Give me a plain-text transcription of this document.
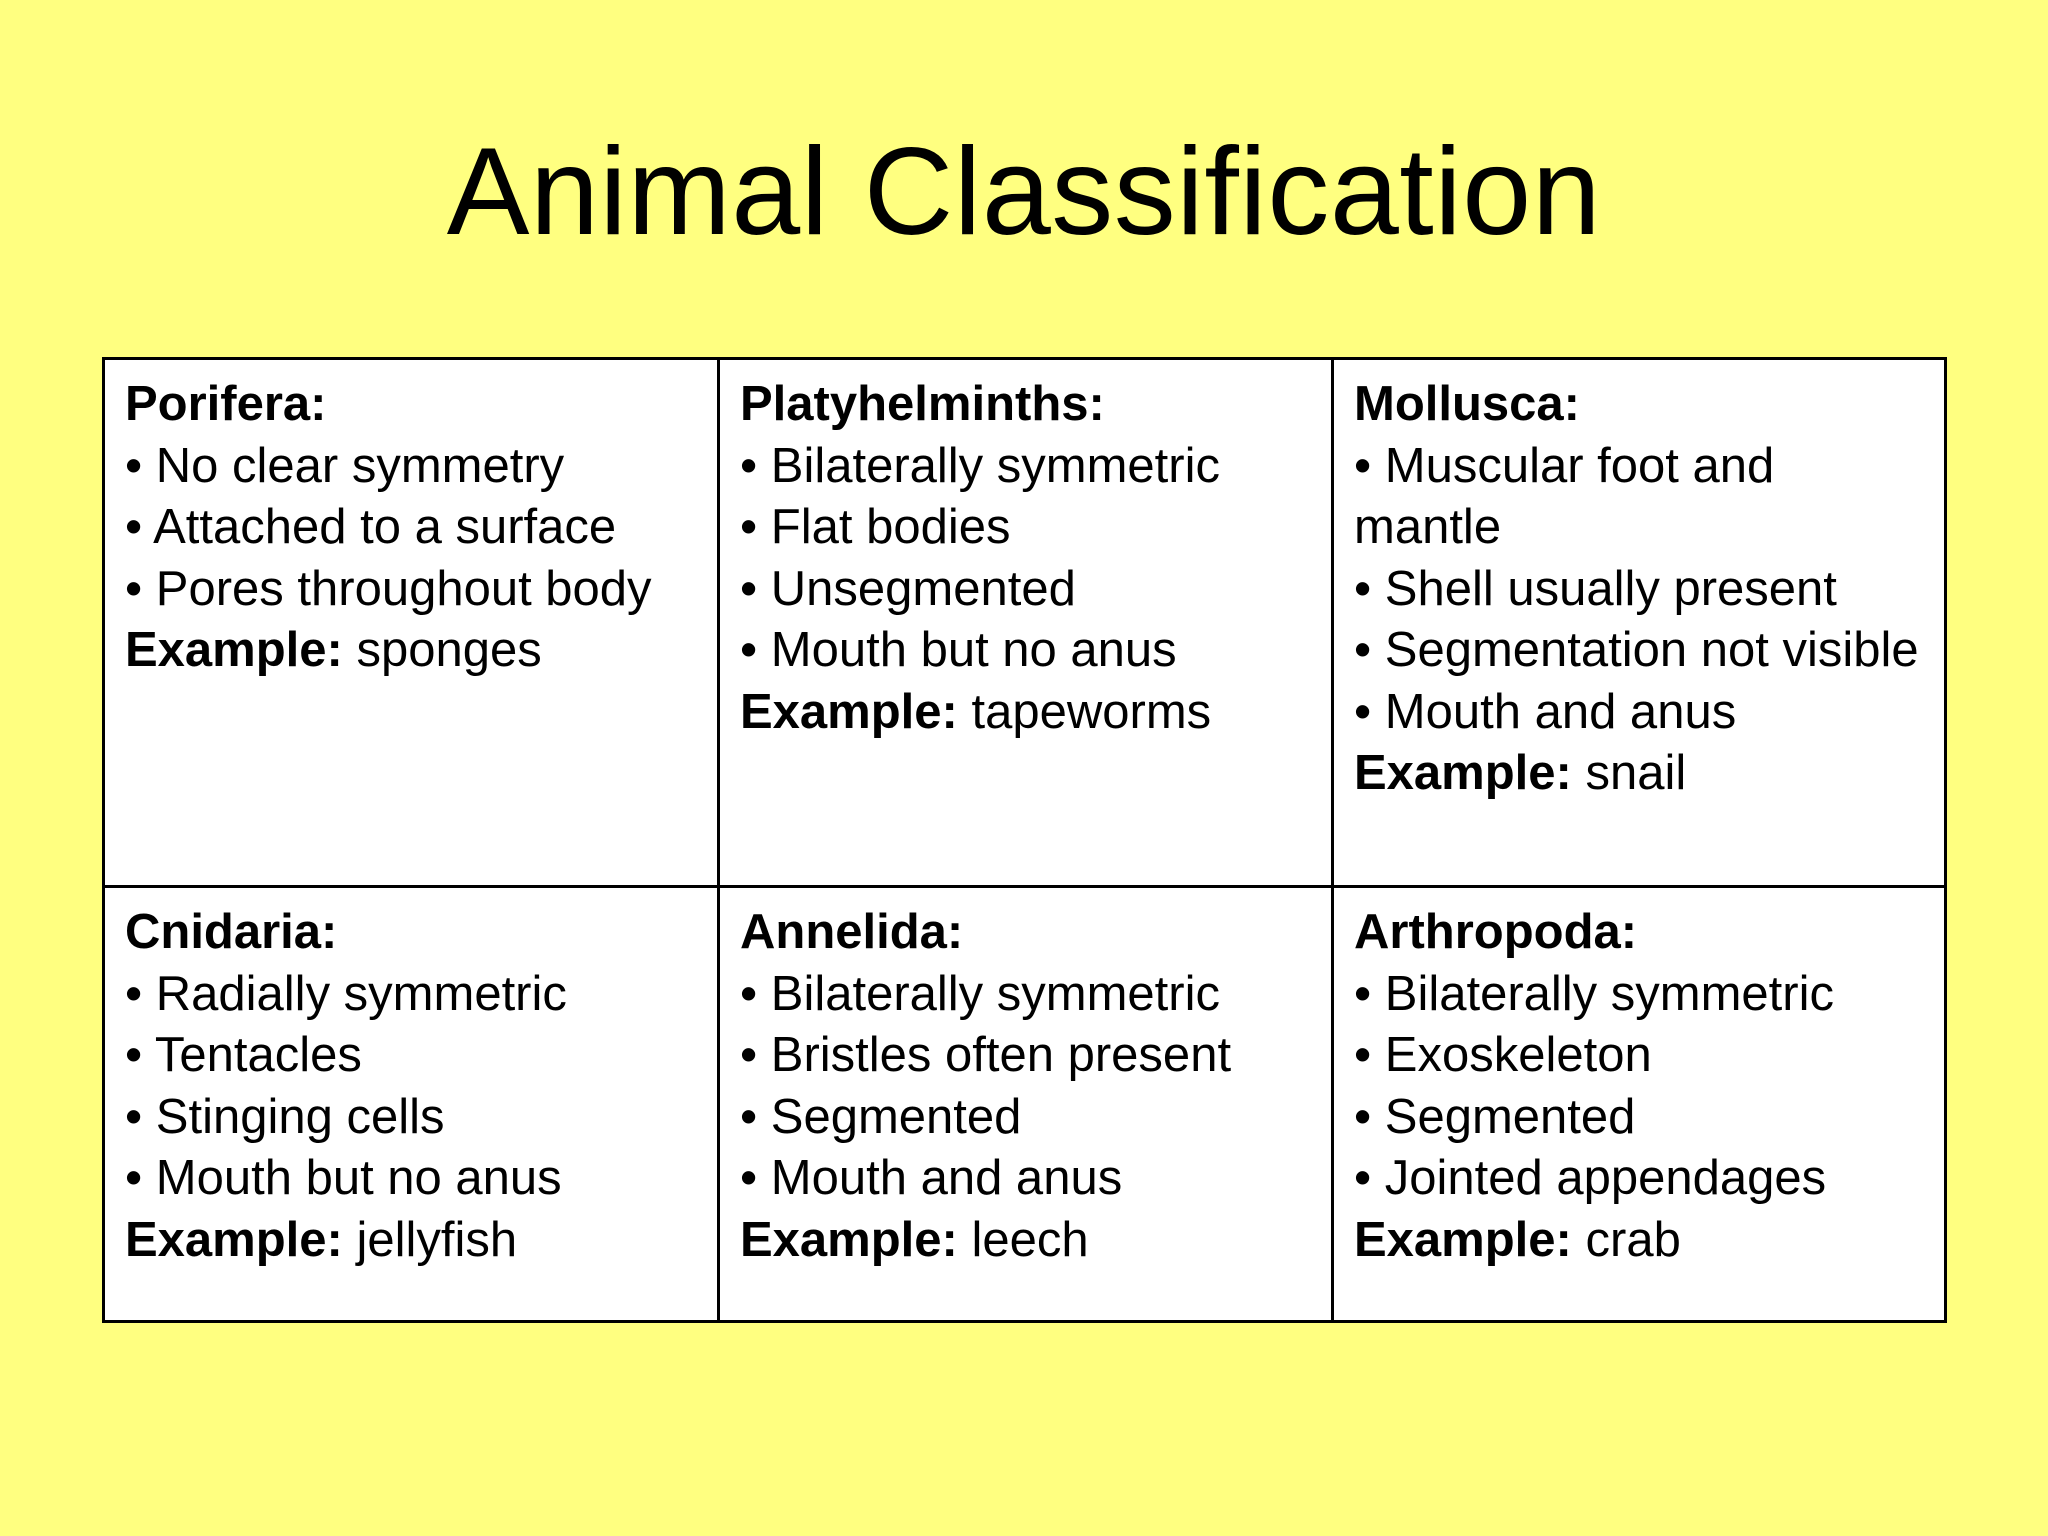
Animal Classification
Porifera:
• No clear symmetry
• Attached to a surface
• Pores throughout body
Example: sponges
Platyhelminths:
• Bilaterally symmetric
• Flat bodies
• Unsegmented
• Mouth but no anus
Example: tapeworms
Mollusca:
• Muscular foot and mantle
• Shell usually present
• Segmentation not visible
• Mouth and anus
Example: snail
Cnidaria:
• Radially symmetric
• Tentacles
• Stinging cells
• Mouth but no anus
Example: jellyfish
Annelida:
• Bilaterally symmetric
• Bristles often present
• Segmented
• Mouth and anus
Example: leech
Arthropoda:
• Bilaterally symmetric
• Exoskeleton
• Segmented
• Jointed appendages
Example: crab
